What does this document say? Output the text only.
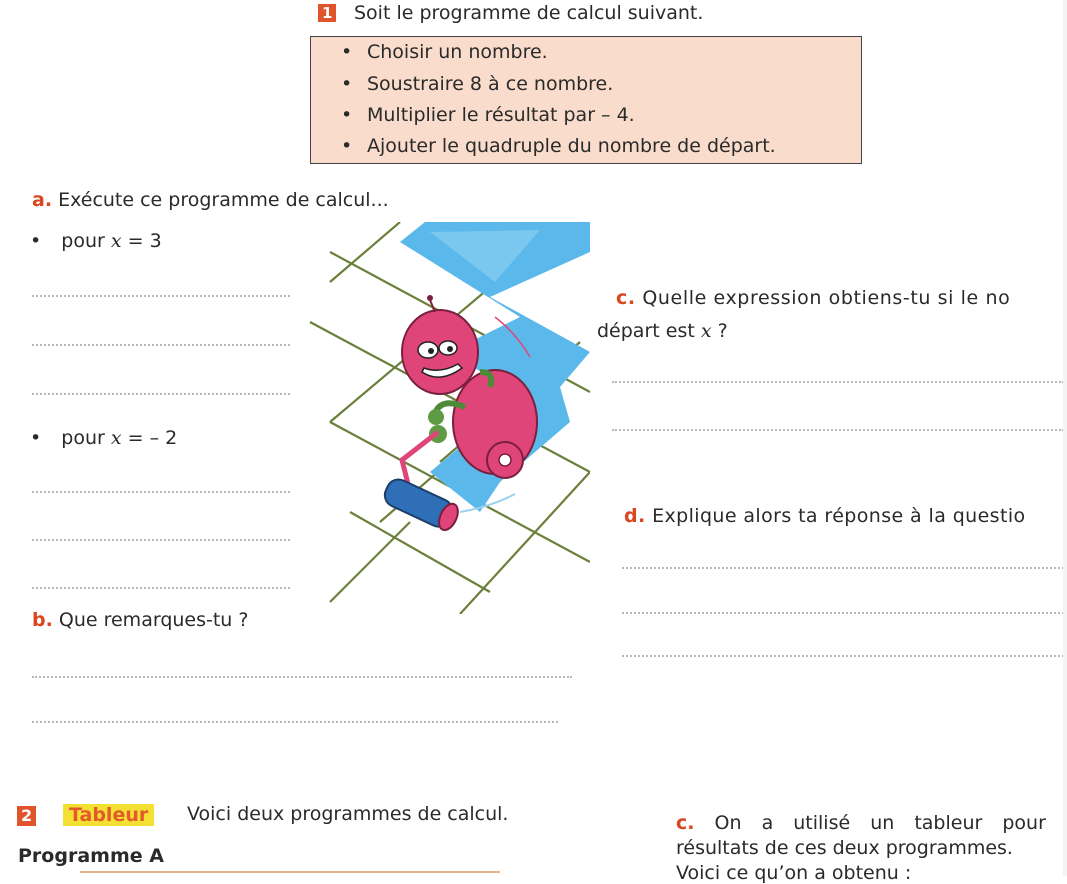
1 Soit le programme de calcul suivant.
• Choisir un nombre.
• Soustraire 8 à ce nombre.
• Multiplier le résultat par – 4.
• Ajouter le quadruple du nombre de départ.
a. Exécute ce programme de calcul...
• pour x = 3
• pour x = – 2
b. Que remarques-tu ?
c. Quelle expression obtiens-tu si le no
départ est x ?
d. Explique alors ta réponse à la questio
2	Tableur	Voici deux programmes de calcul.
Programme A
c. On a utilisé un tableur pour
résultats de ces deux programmes.
Voici ce qu’on a obtenu :
